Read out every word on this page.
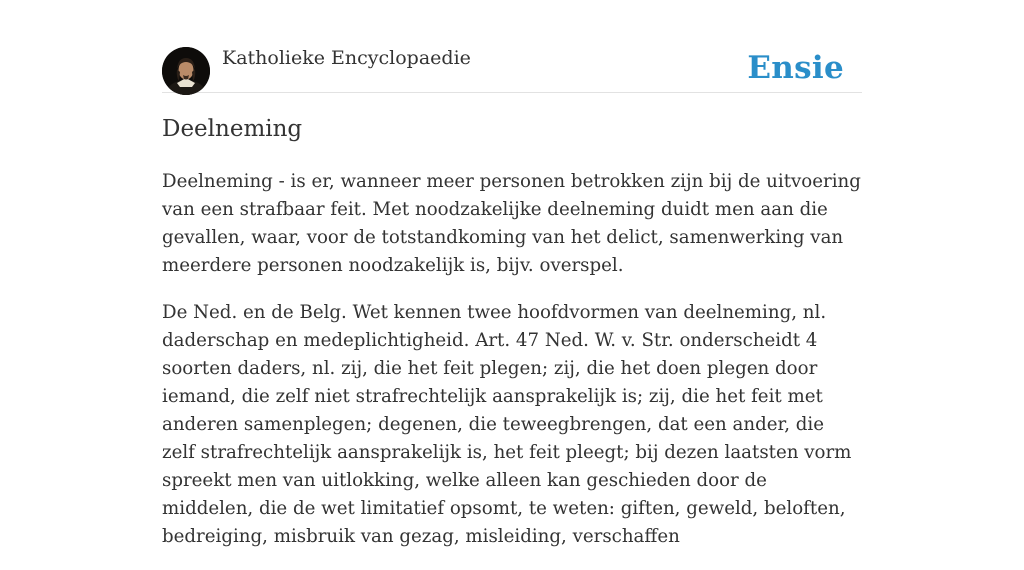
Katholieke Encyclopaedie	Ensie
Deelneming

Deelneming - is er, wanneer meer personen betrokken zijn bij de uitvoering van een strafbaar feit. Met noodzakelijke deelneming duidt men aan die gevallen, waar, voor de totstandkoming van het delict, samenwerking van meerdere personen noodzakelijk is, bijv. overspel.

De Ned. en de Belg. Wet kennen twee hoofdvormen van deelneming, nl. daderschap en medeplichtigheid. Art. 47 Ned. W. v. Str. onderscheidt 4 soorten daders, nl. zij, die het feit plegen; zij, die het doen plegen door iemand, die zelf niet strafrechtelijk aansprakelijk is; zij, die het feit met anderen samenplegen; degenen, die teweegbrengen, dat een ander, die zelf strafrechtelijk aansprakelijk is, het feit pleegt; bij dezen laatsten vorm spreekt men van uitlokking, welke alleen kan geschieden door de middelen, die de wet limitatief opsomt, te weten: giften, geweld, beloften, bedreiging, misbruik van gezag, misleiding, verschaffen
